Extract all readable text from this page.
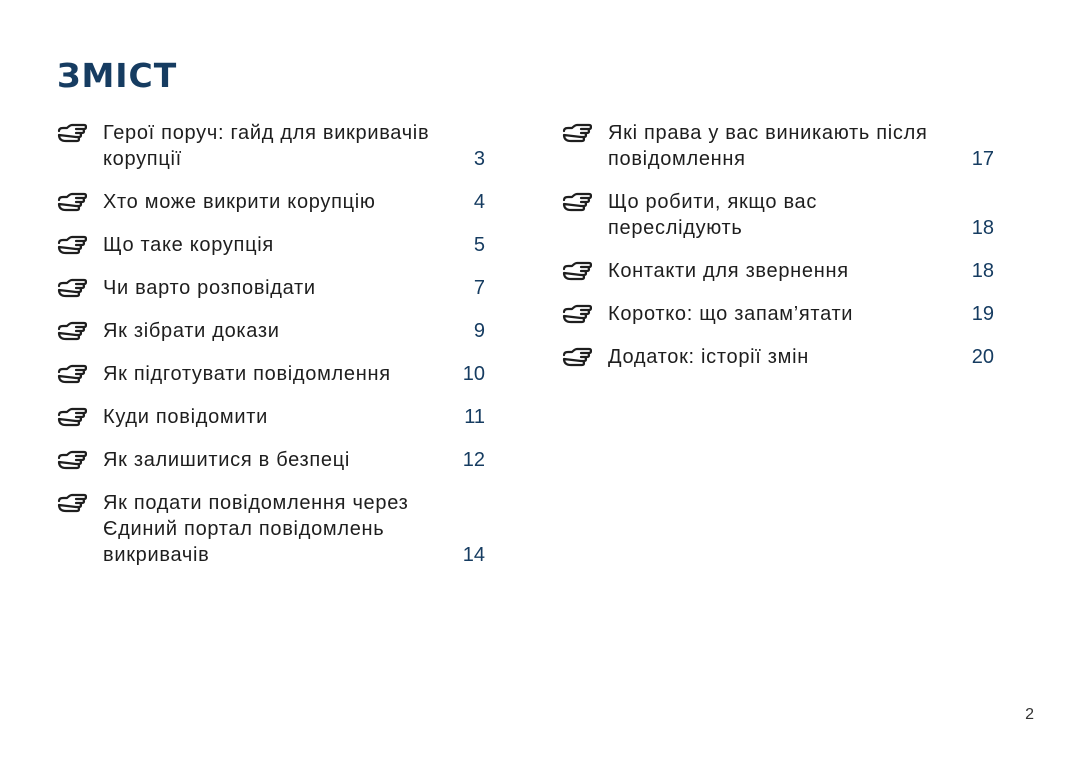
ЗМІСТ
Герої поруч: гайд для викривачів корупції	3
Хто може викрити корупцію	4
Що таке корупція	5
Чи варто розповідати	7
Як зібрати докази	9
Як підготувати повідомлення	10
Куди повідомити	11
Як залишитися в безпеці	12
Як подати повідомлення через Єдиний портал повідомлень викривачів	14
Які права у вас виникають після повідомлення	17
Що робити, якщо вас переслідують	18
Контакти для звернення	18
Коротко: що запам’ятати	19
Додаток: історії змін	20
2
